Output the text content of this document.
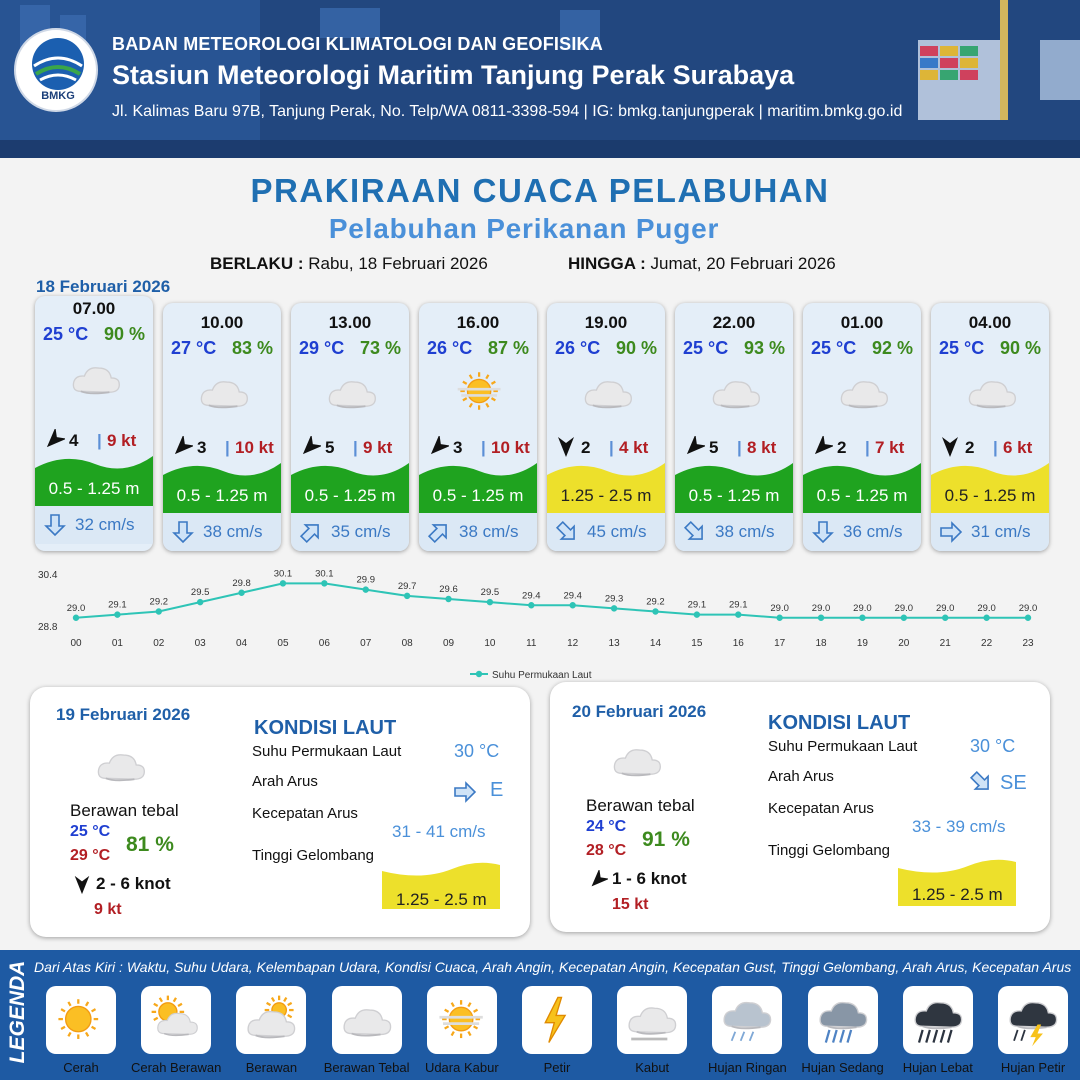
BMKG
BADAN METEOROLOGI KLIMATOLOGI DAN GEOFISIKA
Stasiun Meteorologi Maritim Tanjung Perak Surabaya
Jl. Kalimas Baru 97B, Tanjung Perak, No. Telp/WA 0811-3398-594 | IG: bmkg.tanjungperak | maritim.bmkg.go.id
PRAKIRAAN CUACA PELABUHAN
Pelabuhan Perikanan Puger
BERLAKU : Rabu, 18 Februari 2026	HINGGA : Jumat, 20 Februari 2026
18 Februari 2026
07.00
25 °C 90 %
4 | 9 kt
0.5 - 1.25 m
32 cm/s
10.00
27 °C 83 %
3 | 10 kt
0.5 - 1.25 m
38 cm/s
13.00
29 °C 73 %
5 | 9 kt
0.5 - 1.25 m
35 cm/s
16.00
26 °C 87 %
3 | 10 kt
0.5 - 1.25 m
38 cm/s
19.00
26 °C 90 %
2 | 4 kt
1.25 - 2.5 m
45 cm/s
22.00
25 °C 93 %
5 | 8 kt
0.5 - 1.25 m
38 cm/s
01.00
25 °C 92 %
2 | 7 kt
0.5 - 1.25 m
36 cm/s
04.00
25 °C 90 %
2 | 6 kt
0.5 - 1.25 m
31 cm/s
30.4
28.8
29.0
00
29.1
01
29.2
02
29.5
03
29.8
04
30.1
05
30.1
06
29.9
07
29.7
08
29.6
09
29.5
10
29.4
11
29.4
12
29.3
13
29.2
14
29.1
15
29.1
16
29.0
17
29.0
18
29.0
19
29.0
20
29.0
21
29.0
22
29.0
23
Suhu Permukaan Laut
19 Februari 2026
Berawan tebal
25 °C
29 °C 81 %
2 - 6 knot
9 kt
KONDISI LAUT
Suhu Permukaan Laut	30 °C
Arah Arus	E
Kecepatan Arus
31 - 41 cm/s
Tinggi Gelombang
1.25 - 2.5 m
20 Februari 2026
Berawan tebal
24 °C
28 °C 91 %
1 - 6 knot
15 kt
KONDISI LAUT
Suhu Permukaan Laut	30 °C
Arah Arus	SE
Kecepatan Arus
33 - 39 cm/s
Tinggi Gelombang
1.25 - 2.5 m
LEGENDA Dari Atas Kiri : Waktu, Suhu Udara, Kelembapan Udara, Kondisi Cuaca, Arah Angin, Kecepatan Angin, Kecepatan Gust, Tinggi Gelombang, Arah Arus, Kecepatan Arus
Cerah	Cerah Berawan	Berawan	Berawan Tebal	Udara Kabur	Petir	Kabut	Hujan Ringan	Hujan Sedang	Hujan Lebat	Hujan Petir
